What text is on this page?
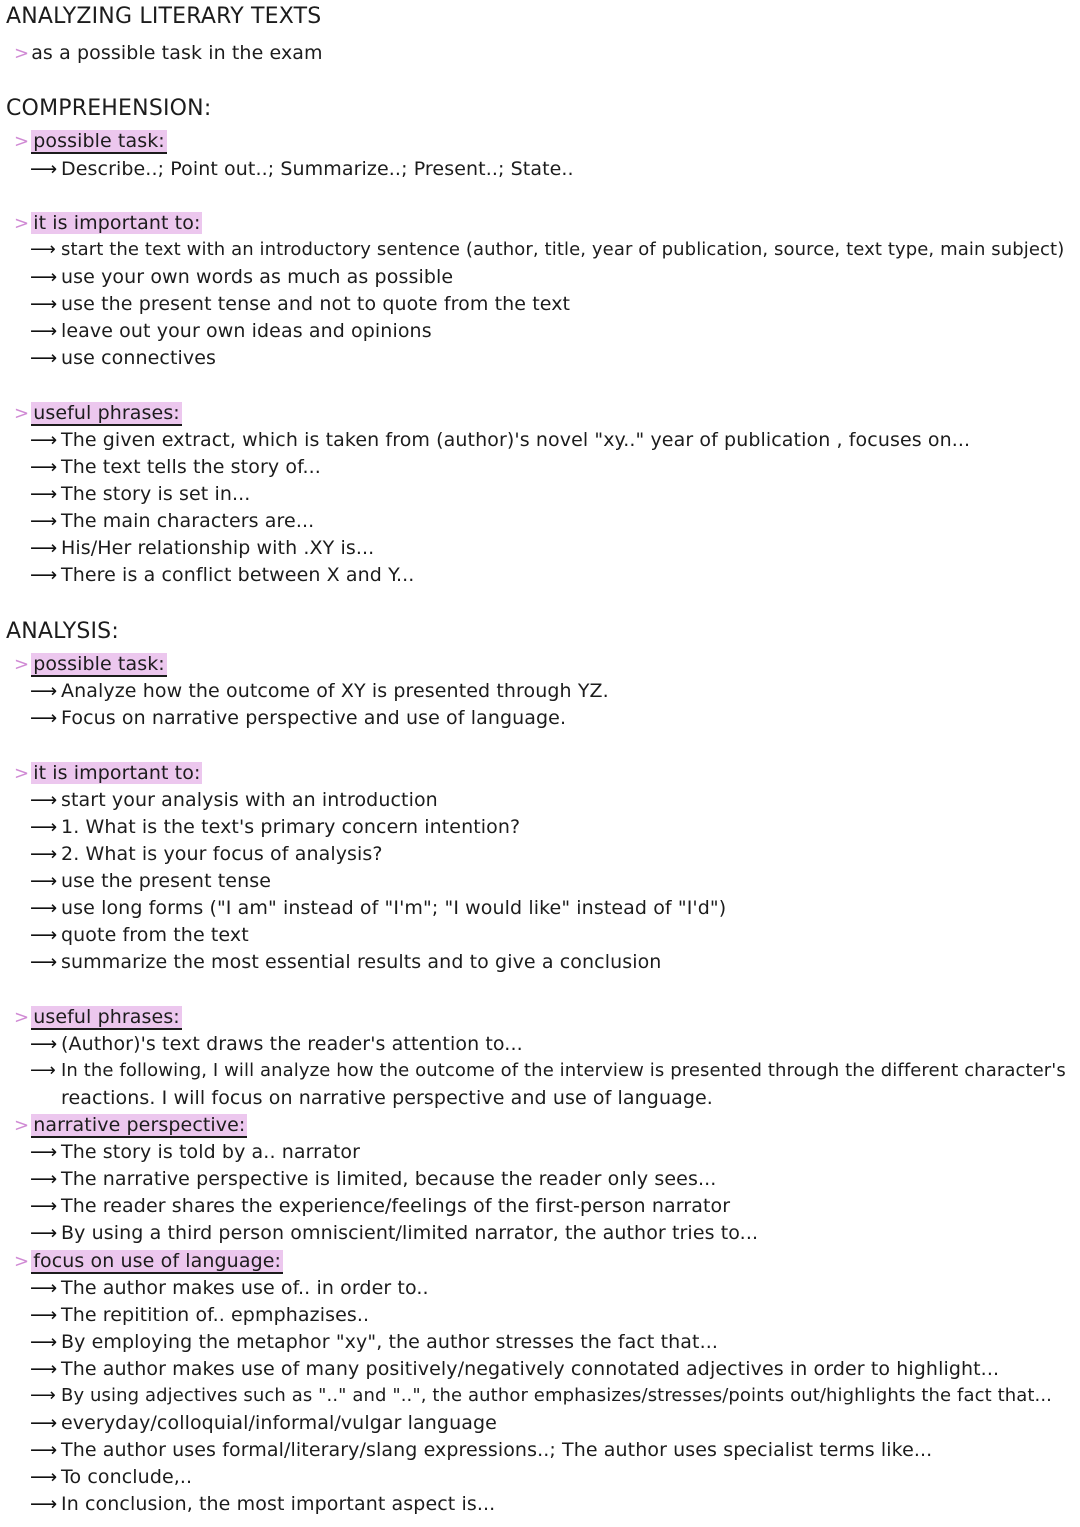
ANALYZING LITERARY TEXTS
> as a possible task in the exam
COMPREHENSION:
> possible task:
⟶ Describe..; Point out..; Summarize..; Present..; State..
> it is important to:
⟶ start the text with an introductory sentence (author, title, year of publication, source, text type, main subject)
⟶ use your own words as much as possible
⟶ use the present tense and not to quote from the text
⟶ leave out your own ideas and opinions
⟶ use connectives
> useful phrases:
⟶ The given extract, which is taken from (author)'s novel "xy.." year of publication , focuses on...
⟶ The text tells the story of...
⟶ The story is set in...
⟶ The main characters are...
⟶ His/Her relationship with .XY is...
⟶ There is a conflict between X and Y...
ANALYSIS:
> possible task:
⟶ Analyze how the outcome of XY is presented through YZ.
⟶ Focus on narrative perspective and use of language.
> it is important to:
⟶ start your analysis with an introduction
⟶ 1. What is the text's primary concern intention?
⟶ 2. What is your focus of analysis?
⟶ use the present tense
⟶ use long forms ("I am" instead of "I'm"; "I would like" instead of "I'd")
⟶ quote from the text
⟶ summarize the most essential results and to give a conclusion
> useful phrases:
⟶ (Author)'s text draws the reader's attention to...
⟶ In the following, I will analyze how the outcome of the interview is presented through the different character's
reactions. I will focus on narrative perspective and use of language.
> narrative perspective:
⟶ The story is told by a.. narrator
⟶ The narrative perspective is limited, because the reader only sees...
⟶ The reader shares the experience/feelings of the first-person narrator
⟶ By using a third person omniscient/limited narrator, the author tries to...
> focus on use of language:
⟶ The author makes use of.. in order to..
⟶ The repitition of.. epmphazises..
⟶ By employing the metaphor "xy", the author stresses the fact that...
⟶ The author makes use of many positively/negatively connotated adjectives in order to highlight...
⟶ By using adjectives such as ".." and "..", the author emphasizes/stresses/points out/highlights the fact that...
⟶ everyday/colloquial/informal/vulgar language
⟶ The author uses formal/literary/slang expressions..; The author uses specialist terms like...
⟶ To conclude,..
⟶ In conclusion, the most important aspect is...
